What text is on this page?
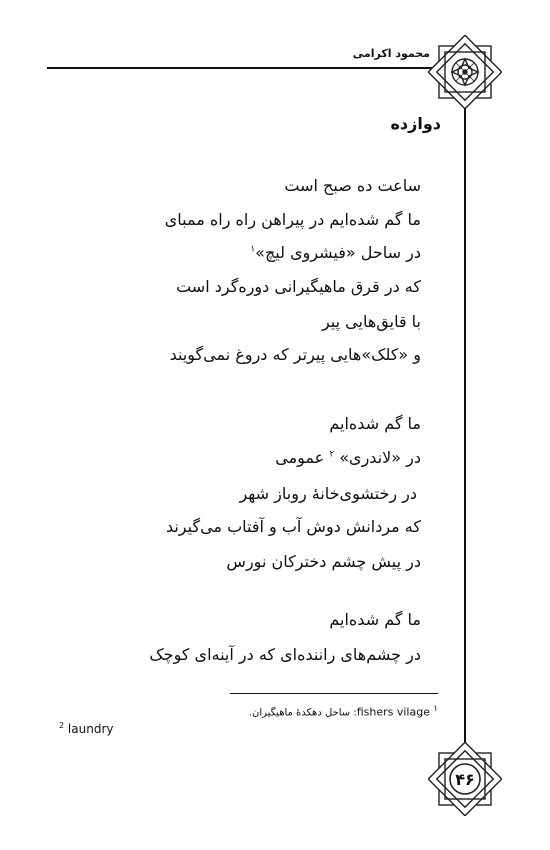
محمود اکرامی
دوازده
ساعت ده صبح است
ما گم شده‌ایم در پیراهن راه راه ممبای
در ساحل «فیشروی لیچ»$^۱$
که در قرق ماهیگیرانی دوره‌گرد است
با قایق‌هایی پیر
و «کلک»هایی پیرتر که دروغ نمی‌گویند
ما گم شده‌ایم
در «لاندری» $^۲$ عمومی
در رختشوی‌خانهٔ روباز شهر
که مردانش دوش آب و آفتاب می‌گیرند
در پیش چشم دخترکان نورس
ما گم شده‌ایم
در چشم‌های راننده‌ای که در آینه‌ای کوچک
$^۱$ fishers vilage: ساحل دهکدهٔ ماهیگیران.
$^2$ laundry
۴۶
